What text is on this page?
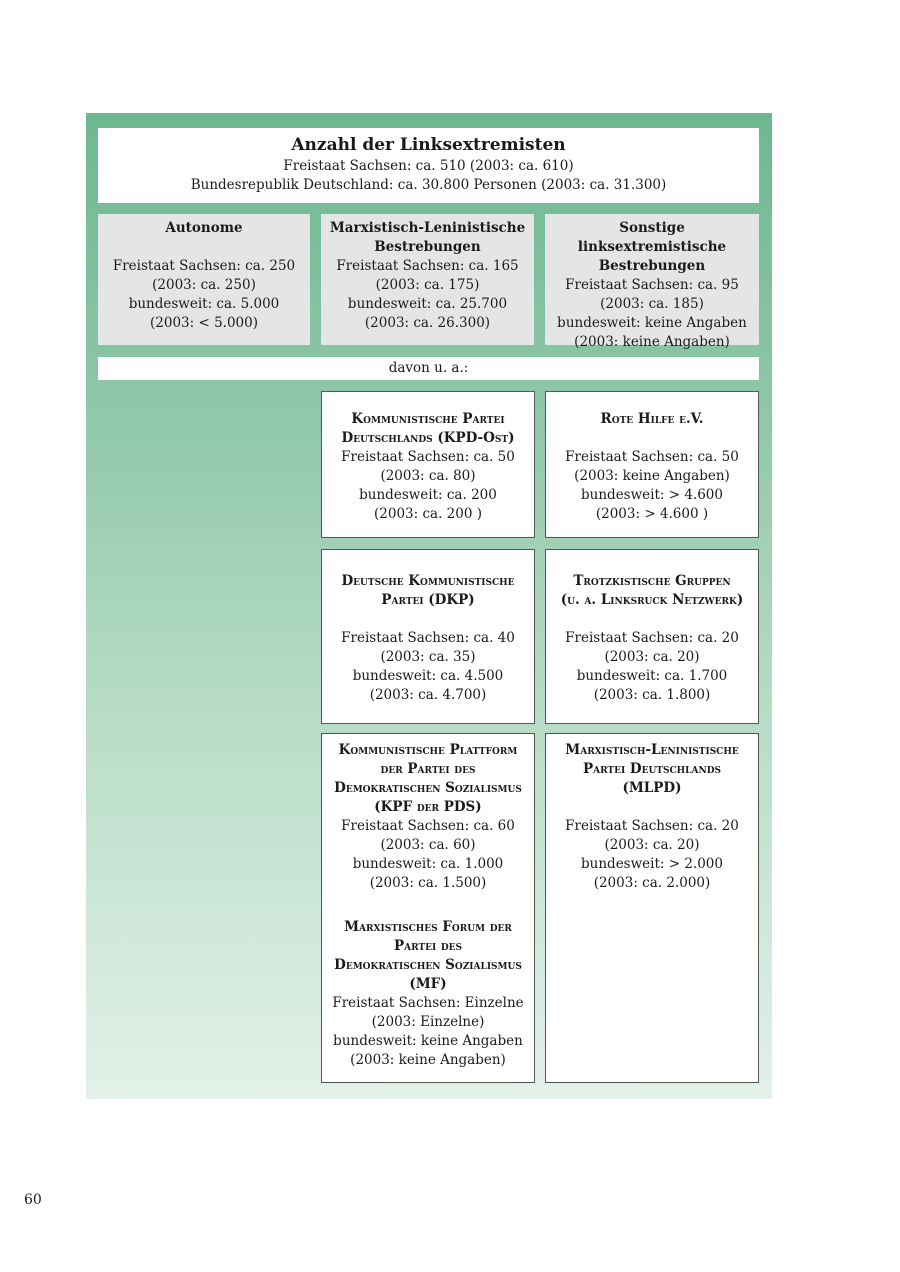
Anzahl der Linksextremisten
Freistaat Sachsen: ca. 510 (2003: ca. 610)
Bundesrepublik Deutschland: ca. 30.800 Personen (2003: ca. 31.300)
Autonome
Freistaat Sachsen: ca. 250
(2003: ca. 250)
bundesweit: ca. 5.000
(2003: < 5.000)
Marxistisch-Leninistische
Bestrebungen
Freistaat Sachsen: ca. 165
(2003: ca. 175)
bundesweit: ca. 25.700
(2003: ca. 26.300)
Sonstige linksextremistische
Bestrebungen
Freistaat Sachsen: ca. 95
(2003: ca. 185)
bundesweit: keine Angaben
(2003: keine Angaben)
davon u. a.:
Kommunistische Partei
Deutschlands (KPD-Ost)
Freistaat Sachsen: ca. 50
(2003: ca. 80)
bundesweit: ca. 200
(2003: ca. 200 )
Rote Hilfe e.V.
Freistaat Sachsen: ca. 50
(2003: keine Angaben)
bundesweit: > 4.600
(2003: > 4.600 )
Deutsche Kommunistische
Partei (DKP)
Freistaat Sachsen: ca. 40
(2003: ca. 35)
bundesweit: ca. 4.500
(2003: ca. 4.700)
Trotzkistische Gruppen
(u. a. Linksruck Netzwerk)
Freistaat Sachsen: ca. 20
(2003: ca. 20)
bundesweit: ca. 1.700
(2003: ca. 1.800)
Kommunistische Plattform
der Partei des
Demokratischen Sozialismus
(KPF der PDS)
Freistaat Sachsen: ca. 60
(2003: ca. 60)
bundesweit: ca. 1.000
(2003: ca. 1.500)
Marxistisches Forum der
Partei des
Demokratischen Sozialismus
(MF)
Freistaat Sachsen: Einzelne
(2003: Einzelne)
bundesweit: keine Angaben
(2003: keine Angaben)
Marxistisch-Leninistische
Partei Deutschlands
(MLPD)
Freistaat Sachsen: ca. 20
(2003: ca. 20)
bundesweit: > 2.000
(2003: ca. 2.000)
60
